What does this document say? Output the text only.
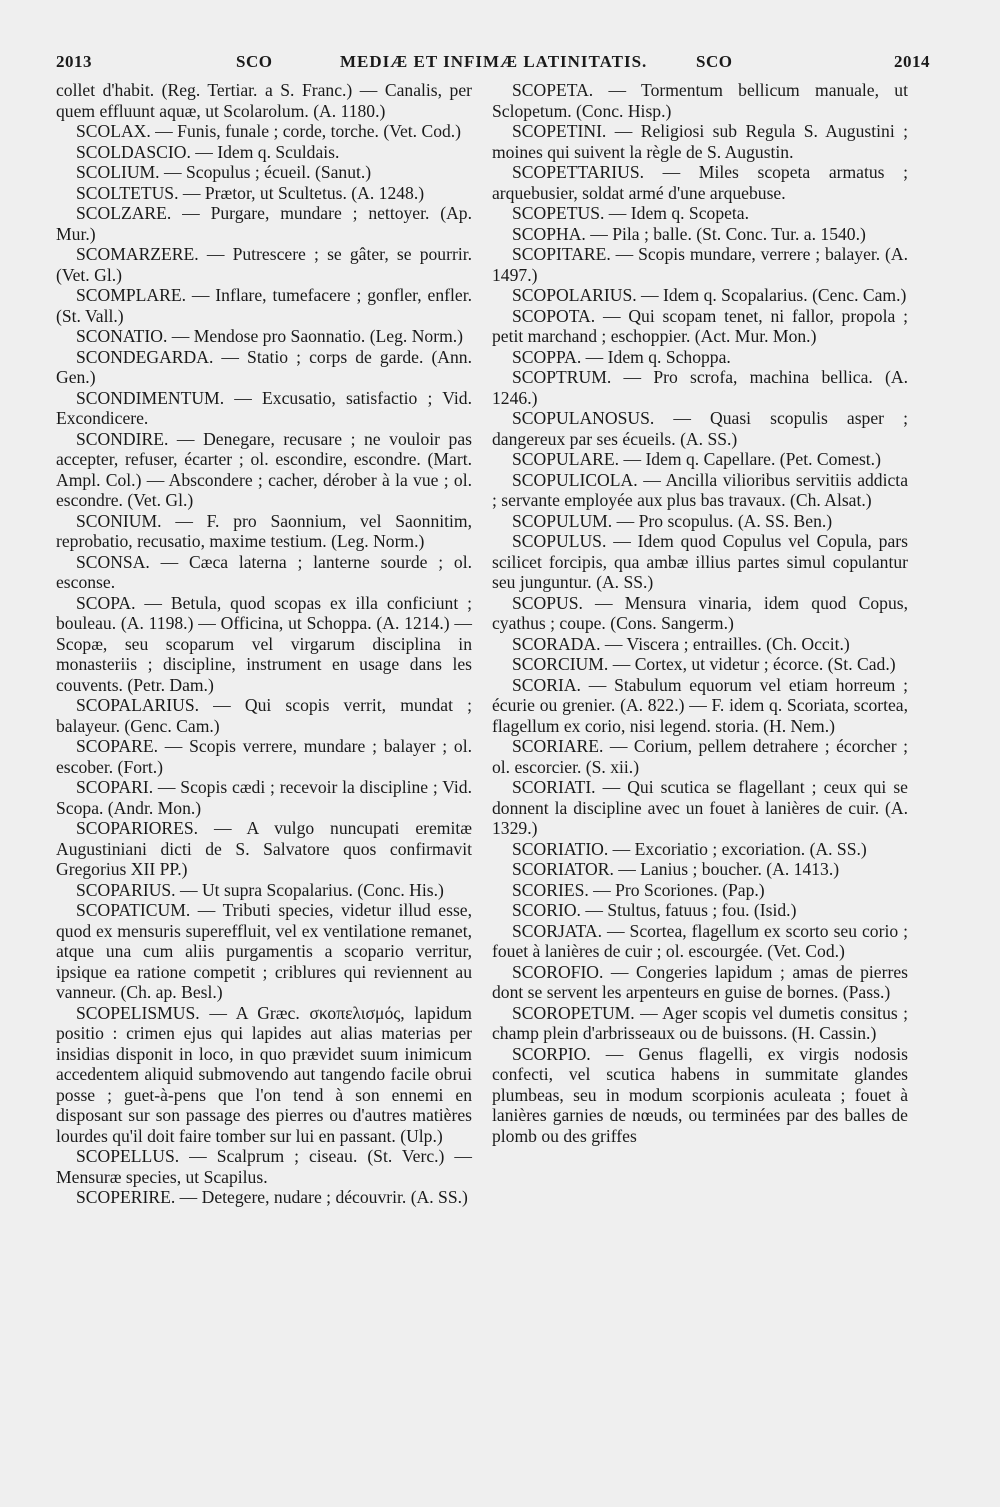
2013	SCO	MEDIÆ ET INFIMÆ LATINITATIS.	SCO	2014

collet d'habit. (Reg. Tertiar. a S. Franc.) — Canalis, per quem effluunt aquæ, ut Scolarolum. (A. 1180.)

SCOLAX. — Funis, funale ; corde, torche. (Vet. Cod.)

SCOLDASCIO. — Idem q. Sculdais.

SCOLIUM. — Scopulus ; écueil. (Sanut.)

SCOLTETUS. — Prætor, ut Scultetus. (A. 1248.)

SCOLZARE. — Purgare, mundare ; nettoyer. (Ap. Mur.)

SCOMARZERE. — Putrescere ; se gâter, se pourrir. (Vet. Gl.)

SCOMPLARE. — Inflare, tumefacere ; gonfler, enfler. (St. Vall.)

SCONATIO. — Mendose pro Saonnatio. (Leg. Norm.)

SCONDEGARDA. — Statio ; corps de garde. (Ann. Gen.)

SCONDIMENTUM. — Excusatio, satisfactio ; Vid. Excondicere.

SCONDIRE. — Denegare, recusare ; ne vouloir pas accepter, refuser, écarter ; ol. escondire, escondre. (Mart. Ampl. Col.) — Abscondere ; cacher, dérober à la vue ; ol. escondre. (Vet. Gl.)

SCONIUM. — F. pro Saonnium, vel Saonnitim, reprobatio, recusatio, maxime testium. (Leg. Norm.)

SCONSA. — Cæca laterna ; lanterne sourde ; ol. esconse.

SCOPA. — Betula, quod scopas ex illa conficiunt ; bouleau. (A. 1198.) — Officina, ut Schoppa. (A. 1214.) — Scopæ, seu scoparum vel virgarum disciplina in monasteriis ; discipline, instrument en usage dans les couvents. (Petr. Dam.)

SCOPALARIUS. — Qui scopis verrit, mundat ; balayeur. (Genc. Cam.)

SCOPARE. — Scopis verrere, mundare ; balayer ; ol. escober. (Fort.)

SCOPARI. — Scopis cædi ; recevoir la discipline ; Vid. Scopa. (Andr. Mon.)

SCOPARIORES. — A vulgo nuncupati eremitæ Augustiniani dicti de S. Salvatore quos confirmavit Gregorius XII PP.)

SCOPARIUS. — Ut supra Scopalarius. (Conc. His.)

SCOPATICUM. — Tributi species, videtur illud esse, quod ex mensuris supereffluit, vel ex ventilatione remanet, atque una cum aliis purgamentis a scopario verritur, ipsique ea ratione competit ; criblures qui reviennent au vanneur. (Ch. ap. Besl.)

SCOPELISMUS. — A Græc. σκοπελισμός, lapidum positio : crimen ejus qui lapides aut alias materias per insidias disponit in loco, in quo prævidet suum inimicum accedentem aliquid submovendo aut tangendo facile obrui posse ; guet-à-pens que l'on tend à son ennemi en disposant sur son passage des pierres ou d'autres matières lourdes qu'il doit faire tomber sur lui en passant. (Ulp.)

SCOPELLUS. — Scalprum ; ciseau. (St. Verc.) — Mensuræ species, ut Scapilus.

SCOPERIRE. — Detegere, nudare ; découvrir. (A. SS.)

SCOPETA. — Tormentum bellicum manuale, ut Sclopetum. (Conc. Hisp.)

SCOPETINI. — Religiosi sub Regula S. Augustini ; moines qui suivent la règle de S. Augustin.

SCOPETTARIUS. — Miles scopeta armatus ; arquebusier, soldat armé d'une arquebuse.

SCOPETUS. — Idem q. Scopeta.

SCOPHA. — Pila ; balle. (St. Conc. Tur. a. 1540.)

SCOPITARE. — Scopis mundare, verrere ; balayer. (A. 1497.)

SCOPOLARIUS. — Idem q. Scopalarius. (Cenc. Cam.)

SCOPOTA. — Qui scopam tenet, ni fallor, propola ; petit marchand ; eschoppier. (Act. Mur. Mon.)

SCOPPA. — Idem q. Schoppa.

SCOPTRUM. — Pro scrofa, machina bellica. (A. 1246.)

SCOPULANOSUS. — Quasi scopulis asper ; dangereux par ses écueils. (A. SS.)

SCOPULARE. — Idem q. Capellare. (Pet. Comest.)

SCOPULICOLA. — Ancilla vilioribus servitiis addicta ; servante employée aux plus bas travaux. (Ch. Alsat.)

SCOPULUM. — Pro scopulus. (A. SS. Ben.)

SCOPULUS. — Idem quod Copulus vel Copula, pars scilicet forcipis, qua ambæ illius partes simul copulantur seu junguntur. (A. SS.)

SCOPUS. — Mensura vinaria, idem quod Copus, cyathus ; coupe. (Cons. Sangerm.)

SCORADA. — Viscera ; entrailles. (Ch. Occit.)

SCORCIUM. — Cortex, ut videtur ; écorce. (St. Cad.)

SCORIA. — Stabulum equorum vel etiam horreum ; écurie ou grenier. (A. 822.) — F. idem q. Scoriata, scortea, flagellum ex corio, nisi legend. storia. (H. Nem.)

SCORIARE. — Corium, pellem detrahere ; écorcher ; ol. escorcier. (S. xii.)

SCORIATI. — Qui scutica se flagellant ; ceux qui se donnent la discipline avec un fouet à lanières de cuir. (A. 1329.)

SCORIATIO. — Excoriatio ; excoriation. (A. SS.)

SCORIATOR. — Lanius ; boucher. (A. 1413.)

SCORIES. — Pro Scoriones. (Pap.)

SCORIO. — Stultus, fatuus ; fou. (Isid.)

SCORJATA. — Scortea, flagellum ex scorto seu corio ; fouet à lanières de cuir ; ol. escourgée. (Vet. Cod.)

SCOROFIO. — Congeries lapidum ; amas de pierres dont se servent les arpenteurs en guise de bornes. (Pass.)

SCOROPETUM. — Ager scopis vel dumetis consitus ; champ plein d'arbrisseaux ou de buissons. (H. Cassin.)

SCORPIO. — Genus flagelli, ex virgis nodosis confecti, vel scutica habens in summitate glandes plumbeas, seu in modum scorpionis aculeata ; fouet à lanières garnies de nœuds, ou terminées par des balles de plomb ou des griffes
